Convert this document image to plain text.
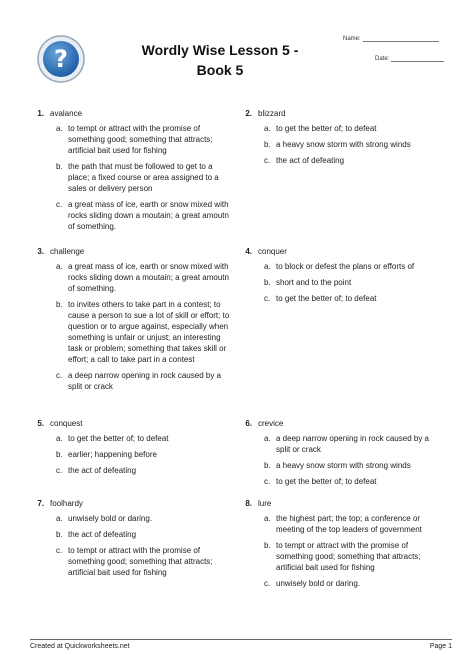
?	Wordly Wise Lesson 5 - Book 5
Name:
Date:
1. avalance
a. to tempt or attract with the promise of something good; something that attracts; artificial bait used for fishing
b. the path that must be followed to get to a place; a fixed course or area assigned to a sales or delivery person
c. a great mass of ice, earth or snow mixed with rocks sliding down a moutain; a great amoutn of something.
2. blizzard
a. to get the better of; to defeat
b. a heavy snow storm with strong winds
c. the act of defeating
3. challenge
a. a great mass of ice, earth or snow mixed with rocks sliding down a moutain; a great amoutn of something.
b. to invites others to take part in a contest; to cause a person to sue a lot of skill or effort; to question or to argue against, especially when something is unfair or unjust; an interesting task or problem; something that takes skill or effort; a call to take part in a contest
c. a deep narrow opening in rock caused by a split or crack
4. conquer
a. to block or defest the plans or efforts of
b. short and to the point
c. to get the better of; to defeat
5. conquest
a. to get the better of; to defeat
b. earlier; happening before
c. the act of defeating
6. crevice
a. a deep narrow opening in rock caused by a split or crack
b. a heavy snow storm with strong winds
c. to get the better of; to defeat
7. foolhardy
a. unwisely bold or daring.
b. the act of defeating
c. to tempt or attract with the promise of something good; something that attracts; artificial bait used for fishing
8. lure
a. the highest part; the top; a conference or meeting of the top leaders of government
b. to tempt or attract with the promise of something good; something that attracts; artificial bait used for fishing
c. unwisely bold or daring.
Created at Quickworksheets.net	Page 1
